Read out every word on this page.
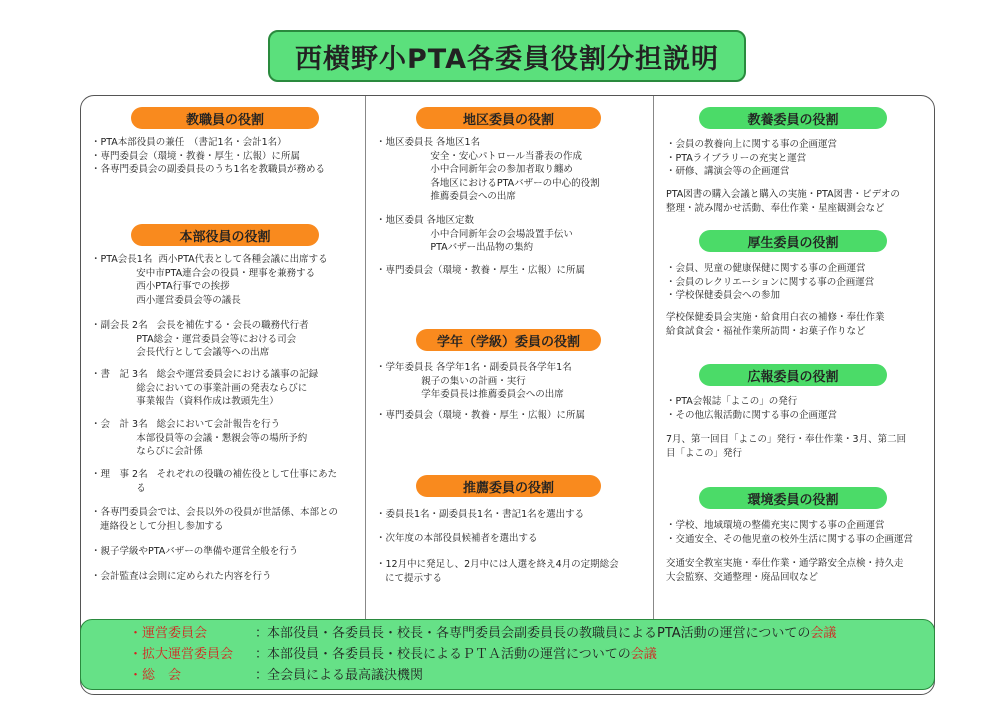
西横野小PTA各委員役割分担説明
教職員の役割
・PTA本部役員の兼任　（書記1名・会計1名）
・専門委員会（環境・教養・厚生・広報）に所属
・各専門委員会の副委員長のうち1名を教職員が務める
本部役員の役割
・PTA会長1名  西小PTA代表として各種会議に出席する
安中市PTA連合会の役員・理事を兼務する
西小PTA行事での挨拶
西小運営委員会等の議長
・副会長 2名   会長を補佐する・会長の職務代行者
PTA総会・運営委員会等における司会
会長代行として会議等への出席
・書　記 3名   総会や運営委員会における議事の記録
総会においての事業計画の発表ならびに
事業報告（資料作成は教頭先生）
・会　計 3名   総会において会計報告を行う
本部役員等の会議・懇親会等の場所予約
ならびに会計係
・理　事 2名   それぞれの役職の補佐役として仕事にあた
る
・各専門委員会では、会長以外の役員が世話係、本部との
連絡役として分担し参加する
・親子学級やPTAバザーの準備や運営全般を行う
・会計監査は会則に定められた内容を行う
地区委員の役割
・地区委員長 各地区1名
安全・安心パトロール当番表の作成
小中合同新年会の参加者取り纏め
各地区におけるPTAバザーの中心的役割
推薦委員会への出席
・地区委員 各地区定数
小中合同新年会の会場設置手伝い
PTAバザー出品物の集約
・専門委員会（環境・教養・厚生・広報）に所属
学年（学級）委員の役割
・学年委員長 各学年1名・副委員長各学年1名
親子の集いの計画・実行
学年委員長は推薦委員会への出席
・専門委員会（環境・教養・厚生・広報）に所属
推薦委員の役割
・委員長1名・副委員長1名・書記1名を選出する
・次年度の本部役員候補者を選出する
・12月中に発足し、2月中には人選を終え4月の定期総会
にて提示する
教養委員の役割
・会員の教養向上に関する事の企画運営
・PTAライブラリーの充実と運営
・研修、講演会等の企画運営
PTA図書の購入会議と購入の実施・PTA図書・ビデオの
整理・読み聞かせ活動、奉仕作業・星座観測会など
厚生委員の役割
・会員、児童の健康保健に関する事の企画運営
・会員のレクリエーションに関する事の企画運営
・学校保健委員会への参加
学校保健委員会実施・給食用白衣の補修・奉仕作業
給食試食会・福祉作業所訪問・お菓子作りなど
広報委員の役割
・PTA会報誌「よこの」の発行
・その他広報活動に関する事の企画運営
7月、第一回目「よこの」発行・奉仕作業・3月、第二回
目「よこの」発行
環境委員の役割
・学校、地域環境の整備充実に関する事の企画運営
・交通安全、その他児童の校外生活に関する事の企画運営
交通安全教室実施・奉仕作業・通学路安全点検・持久走
大会監察、交通整理・廃品回収など
・運営委員会	：
本部役員・各委員長・校長・各専門委員会副委員長の教職員によるPTA活動の運営についての会議
・拡大運営委員会	：
本部役員・各委員長・校長によるＰＴＡ活動の運営についての会議
・総　会	：
全会員による最高議決機関
